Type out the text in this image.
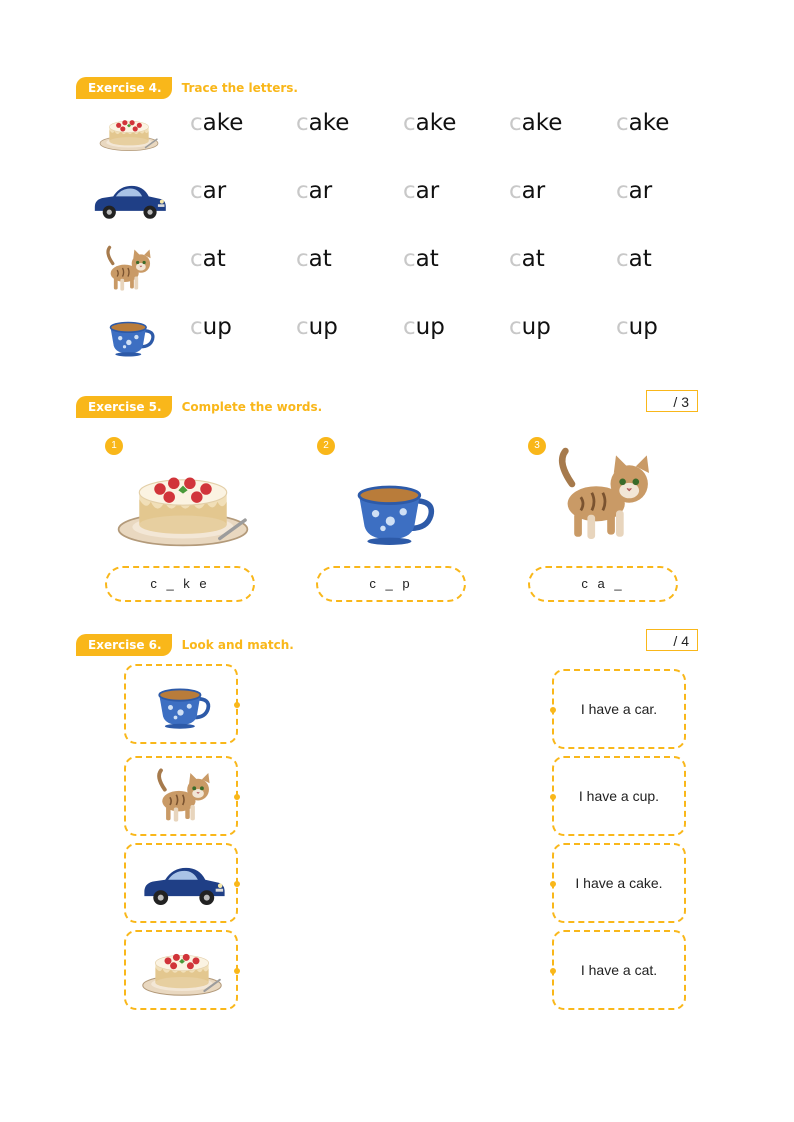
Exercise 4.	Trace the letters.
cake cake cake cake cake
car	car	car	car	car
cat	cat	cat	cat	cat
cup	cup	cup	cup	cup
Exercise 5.	Complete the words.	/ 3
1
c _ k e
2
c _ p
3
c a _
Exercise 6.	Look and match.	/ 4
I have a car.
I have a cup.
I have a cake.
I have a cat.
